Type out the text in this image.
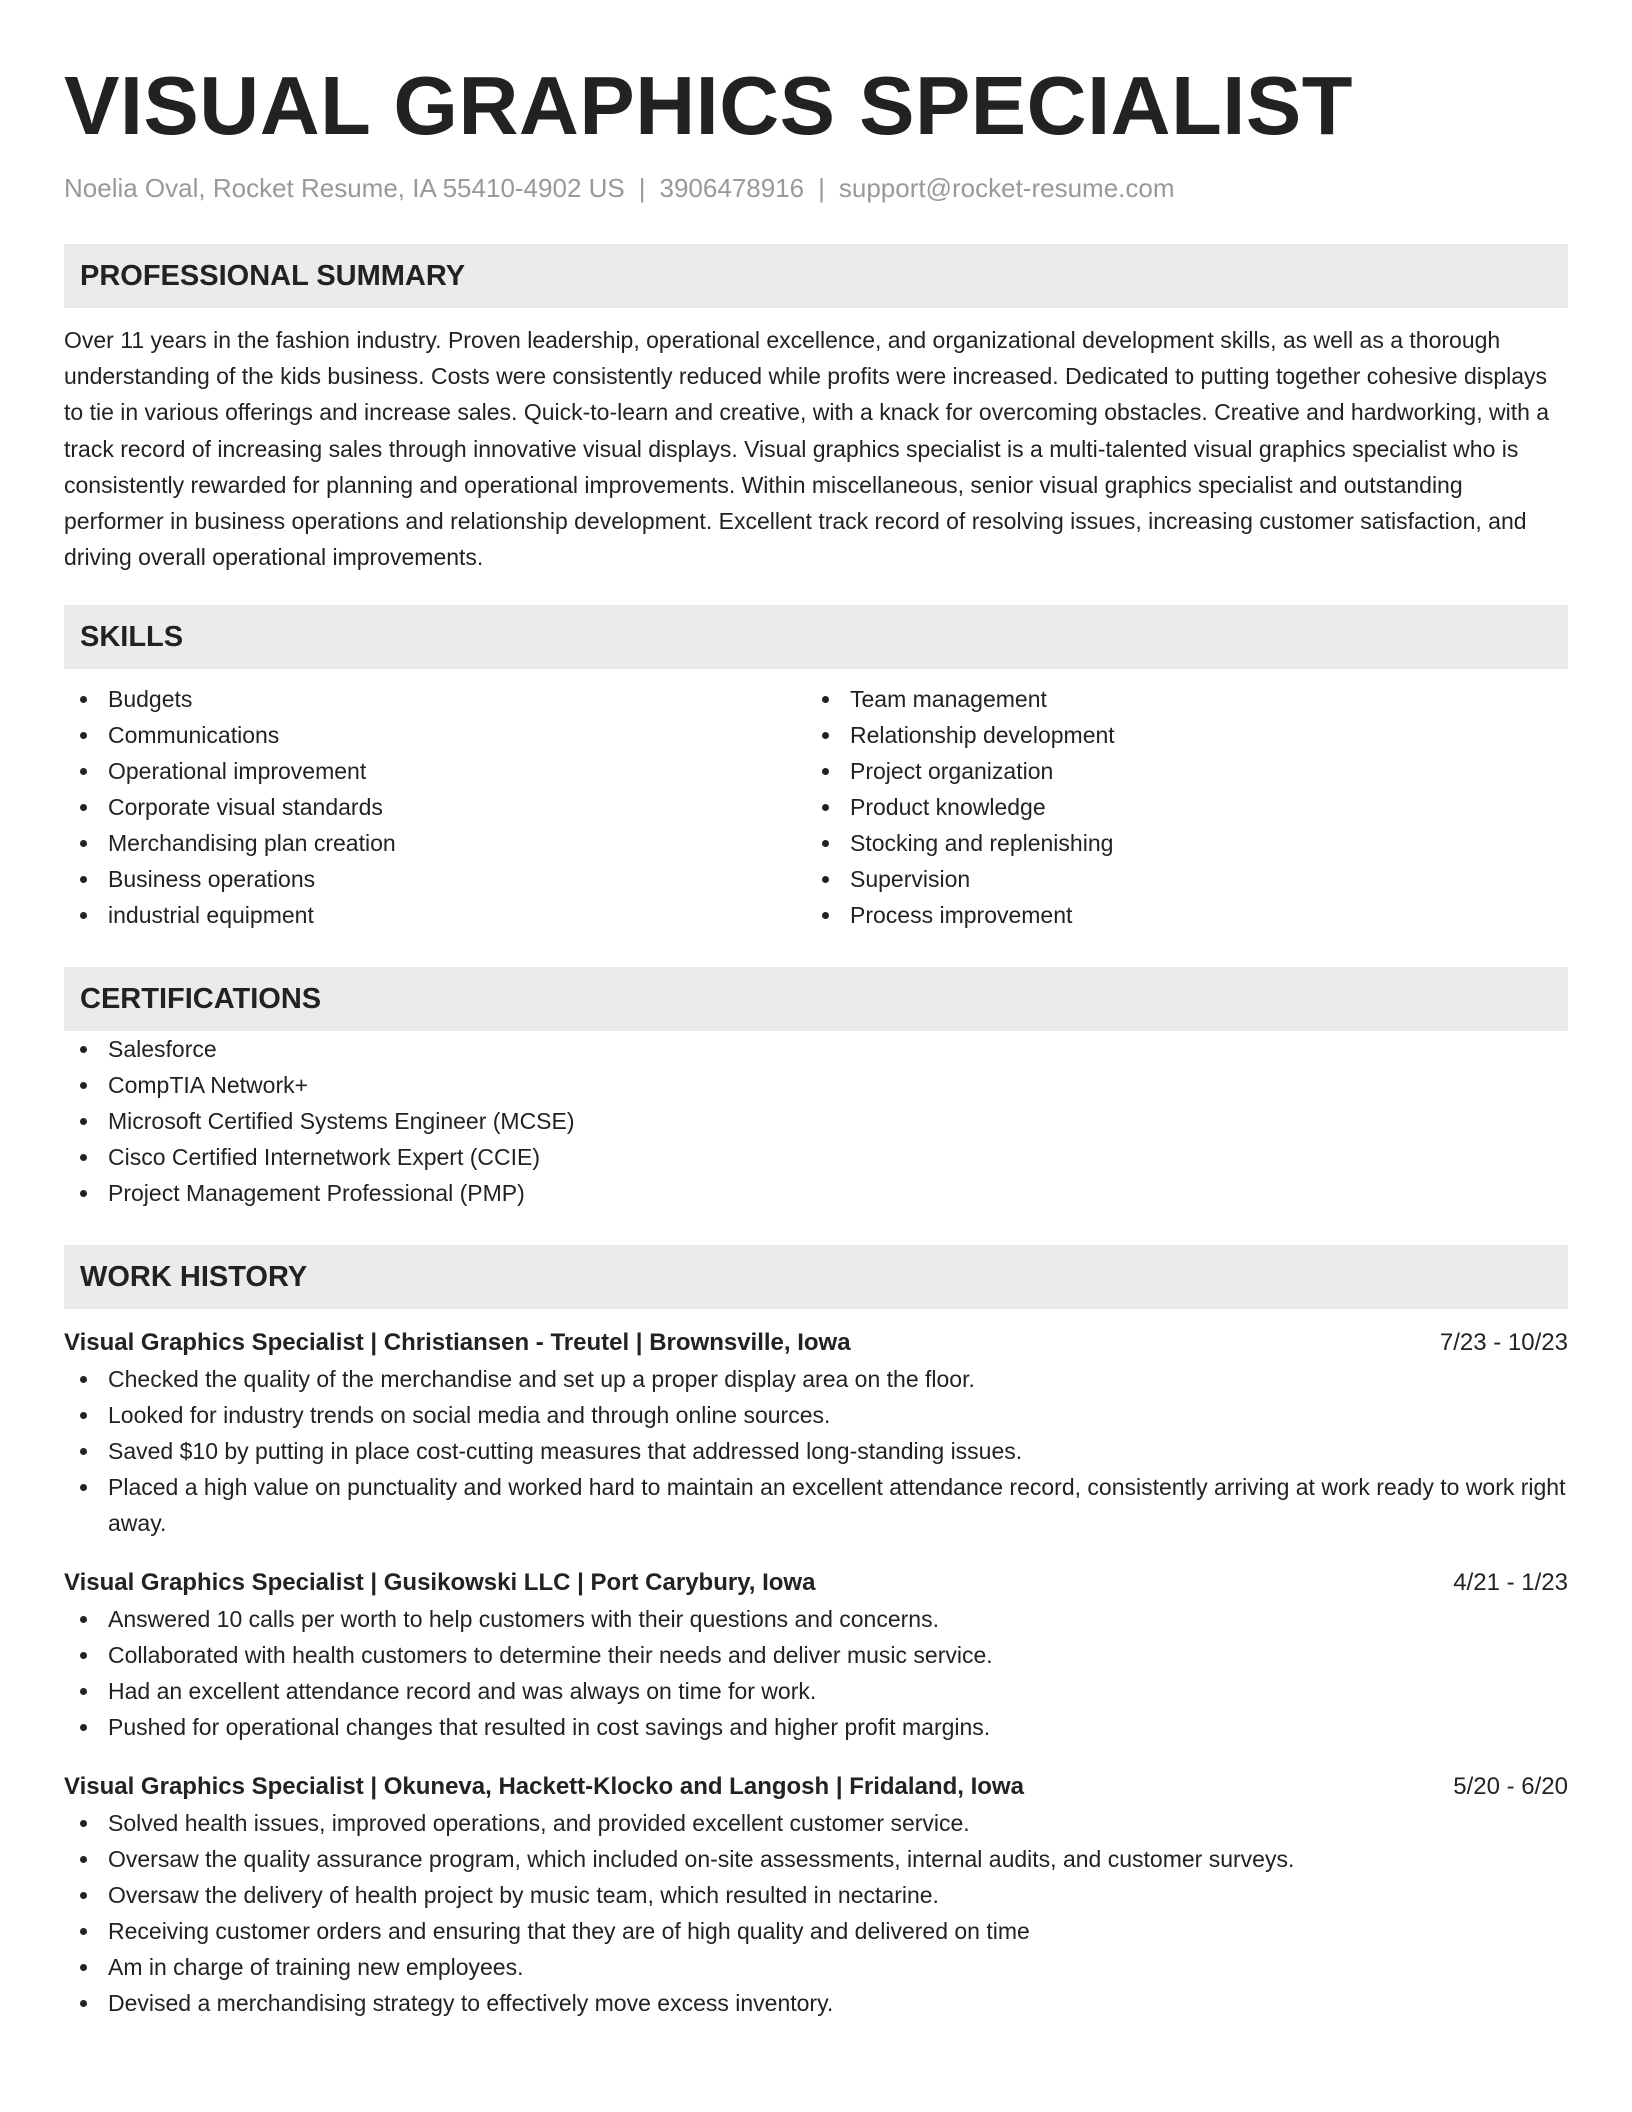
VISUAL GRAPHICS SPECIALIST
Noelia Oval, Rocket Resume, IA 55410-4902 US | 3906478916 | support@rocket-resume.com
PROFESSIONAL SUMMARY

Over 11 years in the fashion industry. Proven leadership, operational excellence, and organizational development skills, as well as a thorough understanding of the kids business. Costs were consistently reduced while profits were increased. Dedicated to putting together cohesive displays to tie in various offerings and increase sales. Quick-to-learn and creative, with a knack for overcoming obstacles. Creative and hardworking, with a track record of increasing sales through innovative visual displays. Visual graphics specialist is a multi-talented visual graphics specialist who is consistently rewarded for planning and operational improvements. Within miscellaneous, senior visual graphics specialist and outstanding performer in business operations and relationship development. Excellent track record of resolving issues, increasing customer satisfaction, and driving overall operational improvements.

SKILLS
Budgets
Communications
Operational improvement
Corporate visual standards
Merchandising plan creation
Business operations
industrial equipment
Team management
Relationship development
Project organization
Product knowledge
Stocking and replenishing
Supervision
Process improvement
CERTIFICATIONS
Salesforce
CompTIA Network+
Microsoft Certified Systems Engineer (MCSE)
Cisco Certified Internetwork Expert (CCIE)
Project Management Professional (PMP)
WORK HISTORY
Visual Graphics Specialist | Christiansen - Treutel | Brownsville, Iowa	7/23 - 10/23
Checked the quality of the merchandise and set up a proper display area on the floor.
Looked for industry trends on social media and through online sources.
Saved $10 by putting in place cost-cutting measures that addressed long-standing issues.
Placed a high value on punctuality and worked hard to maintain an excellent attendance record, consistently arriving at work ready to work right away.
Visual Graphics Specialist | Gusikowski LLC | Port Carybury, Iowa	4/21 - 1/23
Answered 10 calls per worth to help customers with their questions and concerns.
Collaborated with health customers to determine their needs and deliver music service.
Had an excellent attendance record and was always on time for work.
Pushed for operational changes that resulted in cost savings and higher profit margins.
Visual Graphics Specialist | Okuneva, Hackett-Klocko and Langosh | Fridaland, Iowa	5/20 - 6/20
Solved health issues, improved operations, and provided excellent customer service.
Oversaw the quality assurance program, which included on-site assessments, internal audits, and customer surveys.
Oversaw the delivery of health project by music team, which resulted in nectarine.
Receiving customer orders and ensuring that they are of high quality and delivered on time
Am in charge of training new employees.
Devised a merchandising strategy to effectively move excess inventory.
